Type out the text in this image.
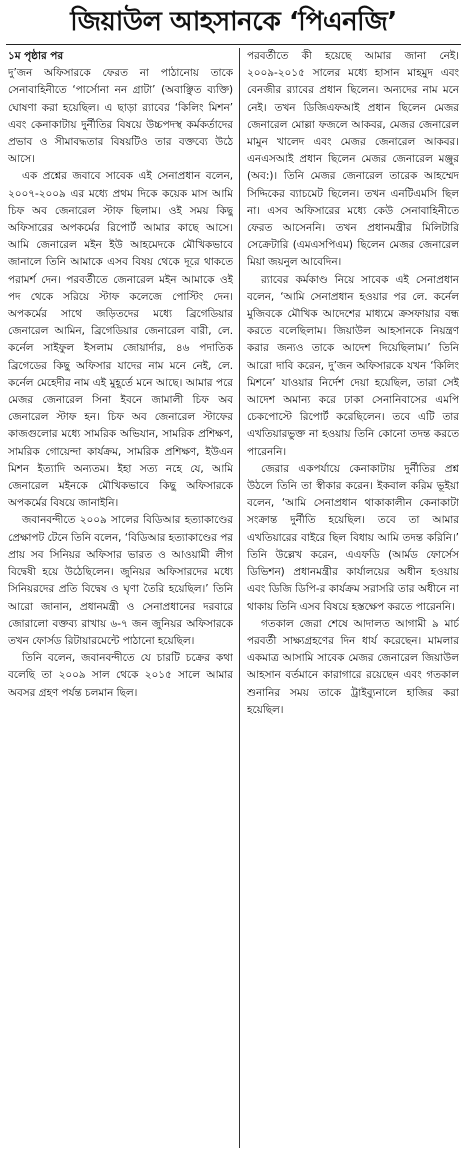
জিয়াউল আহসানকে ‘পিএনজি’

১ম পৃষ্ঠার পর
দু’জন অফিসারকে ফেরত না পাঠানোয় তাকে সেনাবাহিনীতে ‘পার্সোনা নন গ্রাটা’ (অবাঞ্ছিত ব্যক্তি) ঘোষণা করা হয়েছিল। এ ছাড়া র‍্যাবের ‘কিলিং মিশন’ এবং কেনাকাটায় দুর্নীতির বিষয়ে উচ্চপদস্থ কর্মকর্তাদের প্রভাব ও সীমাবদ্ধতার বিষয়টিও তার বক্তব্যে উঠে আসে।

এক প্রশ্নের জবাবে সাবেক এই সেনাপ্রধান বলেন, ২০০৭-২০০৯ এর মধ্যে প্রথম দিকে কয়েক মাস আমি চিফ অব জেনারেল স্টাফ ছিলাম। ওই সময় কিছু অফিসারের অপকর্মের রিপোর্ট আমার কাছে আসে। আমি জেনারেল মইন ইউ আহমেদকে মৌখিকভাবে জানালে তিনি আমাকে এসব বিষয় থেকে দূরে থাকতে পরামর্শ দেন। পরবর্তীতে জেনারেল মইন আমাকে ওই পদ থেকে সরিয়ে স্টাফ কলেজে পোস্টিং দেন। অপকর্মের সাথে জড়িতদের মধ্যে ব্রিগেডিয়ার জেনারেল আমিন, ব্রিগেডিয়ার জেনারেল বারী, লে. কর্নেল সাইফুল ইসলাম জোয়ার্দার, ৪৬ পদাতিক ব্রিগেডের কিছু অফিসার যাদের নাম মনে নেই, লে. কর্নেল মেহেদীর নাম এই মুহূর্তে মনে আছে। আমার পরে মেজর জেনারেল সিনা ইবনে জামালী চিফ অব জেনারেল স্টাফ হন। চিফ অব জেনারেল স্টাফের কাজগুলোর মধ্যে সামরিক অভিযান, সামরিক প্রশিক্ষণ, সামরিক গোয়েন্দা কার্যক্রম, সামরিক প্রশিক্ষণ, ইউএন মিশন ইত্যাদি অন্যতম। ইহা সত্য নহে যে, আমি জেনারেল মইনকে মৌখিকভাবে কিছু অফিসারকে অপকর্মের বিষয়ে জানাইনি।

জবানবন্দীতে ২০০৯ সালের বিডিআর হত্যাকাণ্ডের প্রেক্ষাপট টেনে তিনি বলেন, ‘বিডিআর হত্যাকাণ্ডের পর প্রায় সব সিনিয়র অফিসার ভারত ও আওয়ামী লীগ বিদ্বেষী হয়ে উঠেছিলেন। জুনিয়র অফিসারদের মধ্যে সিনিয়রদের প্রতি বিদ্বেষ ও ঘৃণা তৈরি হয়েছিল।’ তিনি আরো জানান, প্রধানমন্ত্রী ও সেনাপ্রধানের দরবারে জোরালো বক্তব্য রাখায় ৬-৭ জন জুনিয়র অফিসারকে তখন ফোর্সড রিটায়ারমেন্টে পাঠানো হয়েছিল।

তিনি বলেন, জবানবন্দীতে যে চারটি চক্রের কথা বলেছি তা ২০০৯ সাল থেকে ২০১৫ সালে আমার অবসর গ্রহণ পর্যন্ত চলমান ছিল।

পরবর্তীতে কী হয়েছে আমার জানা নেই। ২০০৯-২০১৫ সালের মধ্যে হাসান মাহমুদ এবং বেনজীর র‍্যাবের প্রধান ছিলেন। অন্যদের নাম মনে নেই। তখন ডিজিএফআই প্রধান ছিলেন মেজর জেনারেল মোল্লা ফজলে আকবর, মেজর জেনারেল মামুন খালেদ এবং মেজর জেনারেল আকবর। এনএসআই প্রধান ছিলেন মেজর জেনারেল মঞ্জুর (অব:)। তিনি মেজর জেনারেল তারেক আহম্মেদ সিদ্দিকের ব্যাচমেট ছিলেন। তখন এনটিএমসি ছিল না। এসব অফিসারের মধ্যে কেউ সেনাবাহিনীতে ফেরত আসেননি। তখন প্রধানমন্ত্রীর মিলিটারি সেক্রেটারি (এমএসপিএম) ছিলেন মেজর জেনারেল মিয়া জয়নুল আবেদিন।

র‍্যাবের কর্মকাণ্ড নিয়ে সাবেক এই সেনাপ্রধান বলেন, ‘আমি সেনাপ্রধান হওয়ার পর লে. কর্নেল মুজিবকে মৌখিক আদেশের মাধ্যমে ক্রসফায়ার বন্ধ করতে বলেছিলাম। জিয়াউল আহসানকে নিয়ন্ত্রণ করার জন্যও তাকে আদেশ দিয়েছিলাম।’ তিনি আরো দাবি করেন, দু’জন অফিসারকে যখন ‘কিলিং মিশনে’ যাওয়ার নির্দেশ দেয়া হয়েছিল, তারা সেই আদেশ অমান্য করে ঢাকা সেনানিবাসের এমপি চেকপোস্টে রিপোর্ট করেছিলেন। তবে এটি তার এখতিয়ারভুক্ত না হওয়ায় তিনি কোনো তদন্ত করতে পারেননি।

জেরার একপর্যায়ে কেনাকাটায় দুর্নীতির প্রশ্ন উঠলে তিনি তা স্বীকার করেন। ইকবাল করিম ভূইয়া বলেন, ‘আমি সেনাপ্রধান থাকাকালীন কেনাকাটা সংক্রান্ত দুর্নীতি হয়েছিল। তবে তা আমার এখতিয়ারের বাইরে ছিল বিধায় আমি তদন্ত করিনি।’ তিনি উল্লেখ করেন, এএফডি (আর্মড ফোর্সেস ডিভিশন) প্রধানমন্ত্রীর কার্যালয়ের অধীন হওয়ায় এবং ডিজি ডিপি-র কার্যক্রম সরাসরি তার অধীনে না থাকায় তিনি এসব বিষয়ে হস্তক্ষেপ করতে পারেননি।

গতকাল জেরা শেষে আদালত আগামী ৯ মার্চ পরবর্তী সাক্ষ্যগ্রহণের দিন ধার্য করেছেন। মামলার একমাত্র আসামি সাবেক মেজর জেনারেল জিয়াউল আহসান বর্তমানে কারাগারে রয়েছেন এবং গতকাল শুনানির সময় তাকে ট্রাইব্যুনালে হাজির করা হয়েছিল।
